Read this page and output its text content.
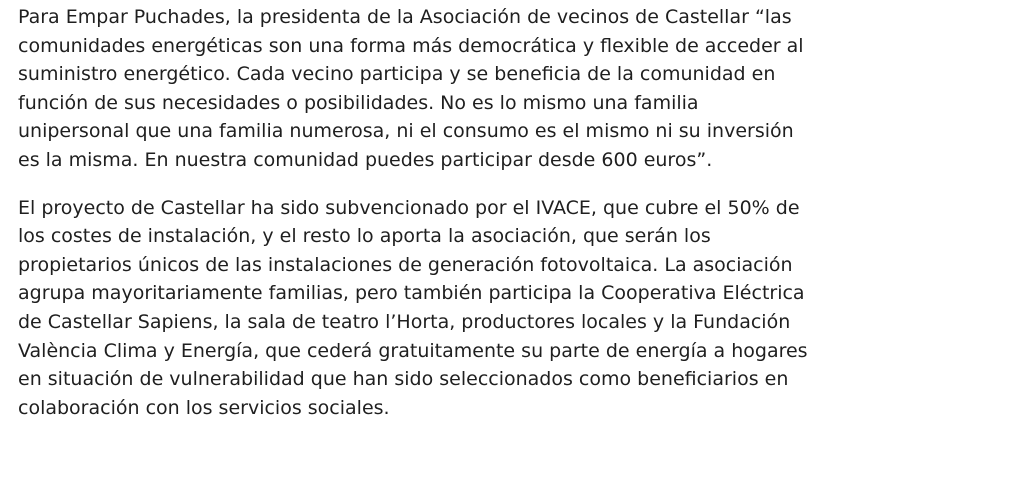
Para Empar Puchades, la presidenta de la Asociación de vecinos de Castellar “las
comunidades energéticas son una forma más democrática y flexible de acceder al
suministro energético. Cada vecino participa y se beneficia de la comunidad en
función de sus necesidades o posibilidades. No es lo mismo una familia
unipersonal que una familia numerosa, ni el consumo es el mismo ni su inversión
es la misma. En nuestra comunidad puedes participar desde 600 euros”.

El proyecto de Castellar ha sido subvencionado por el IVACE, que cubre el 50% de
los costes de instalación, y el resto lo aporta la asociación, que serán los
propietarios únicos de las instalaciones de generación fotovoltaica. La asociación
agrupa mayoritariamente familias, pero también participa la Cooperativa Eléctrica
de Castellar Sapiens, la sala de teatro l’Horta, productores locales y la Fundación
València Clima y Energía, que cederá gratuitamente su parte de energía a hogares
en situación de vulnerabilidad que han sido seleccionados como beneficiarios en
colaboración con los servicios sociales.
